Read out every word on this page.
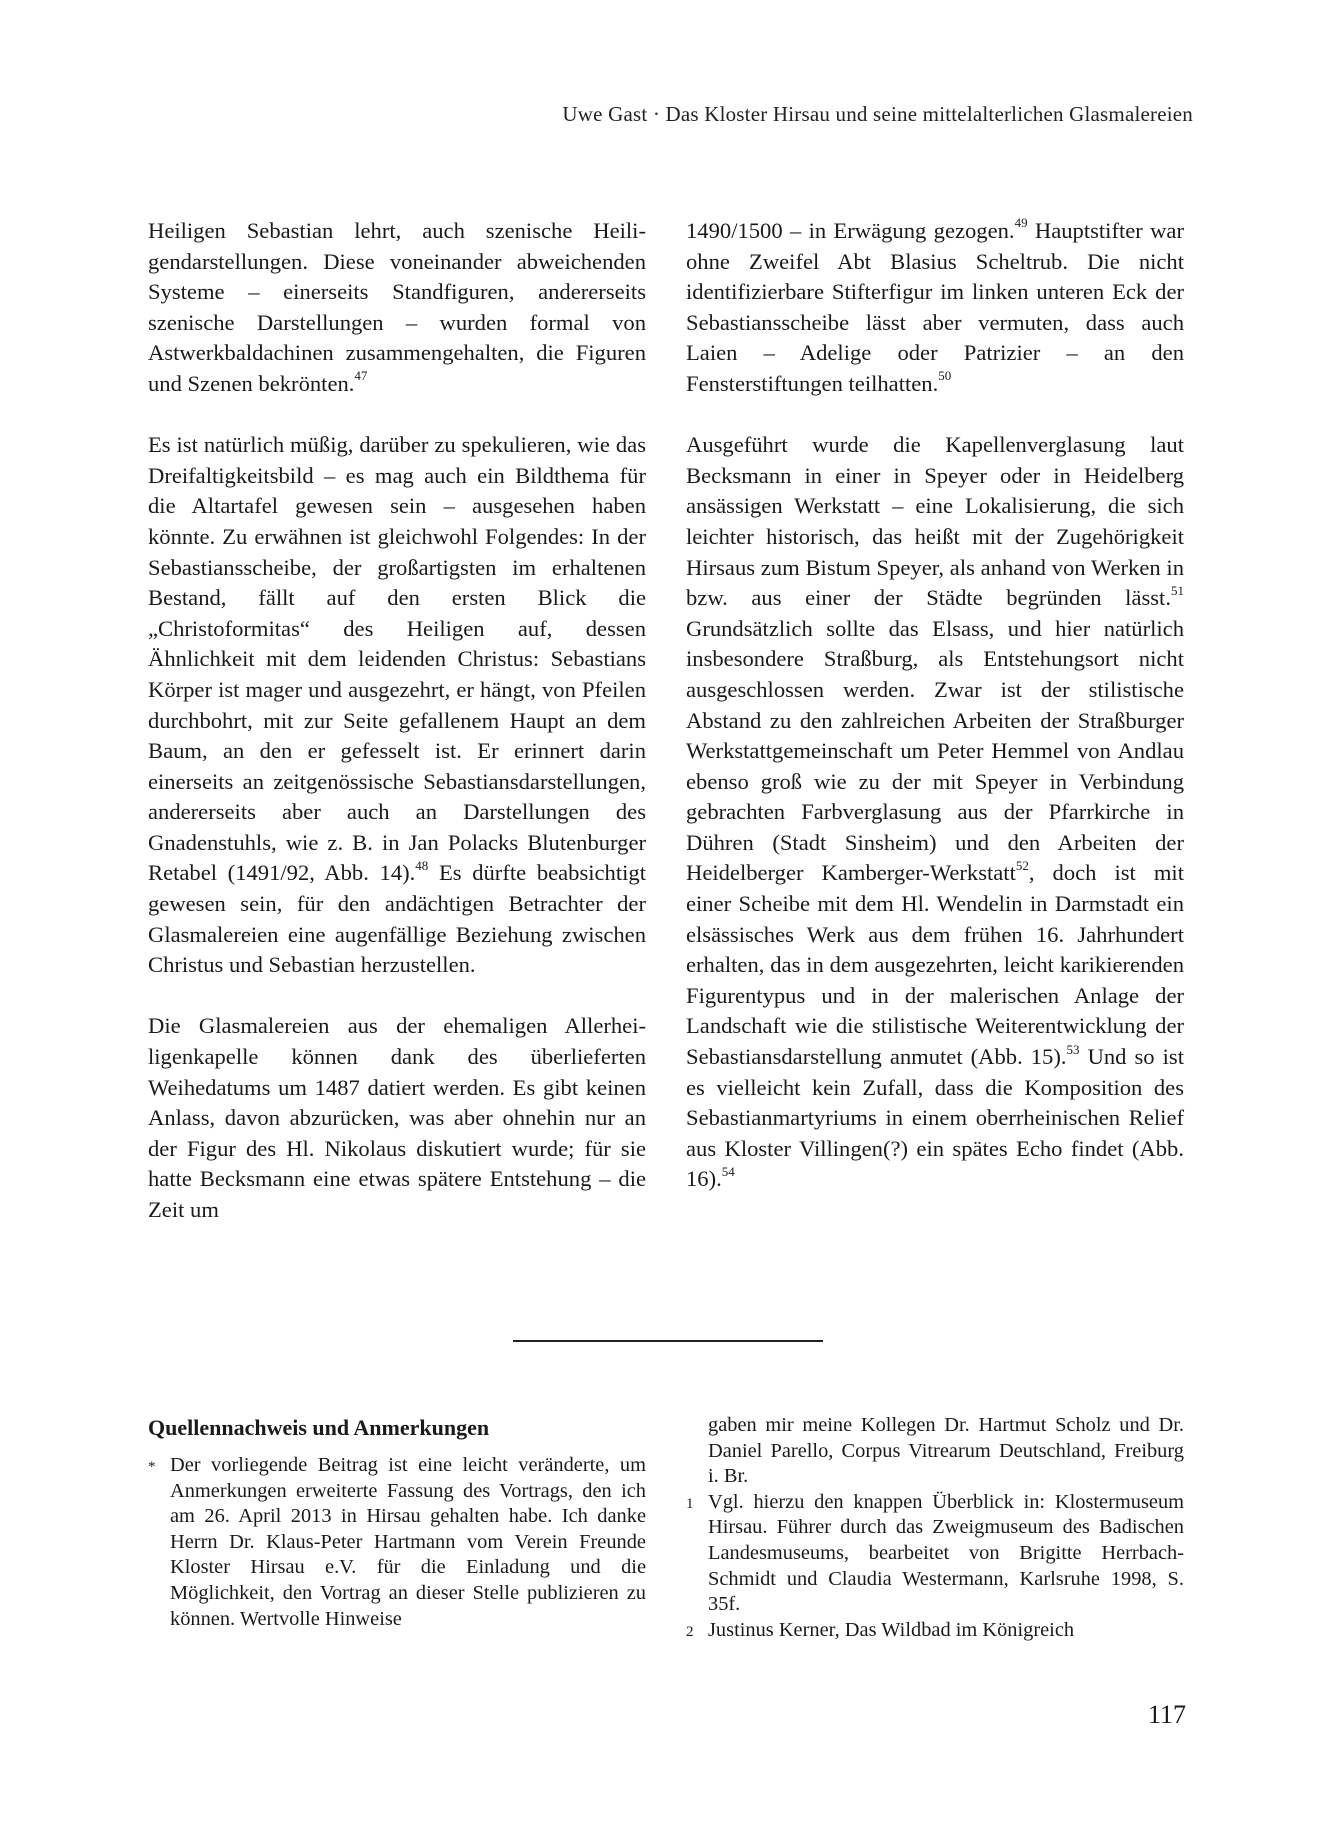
Uwe Gast · Das Kloster Hirsau und seine mittelalterlichen Glasmalereien

Heiligen Sebastian lehrt, auch szenische Heiligendarstellungen. Diese voneinander abweichenden Systeme – einerseits Standfiguren, andererseits szenische Darstellungen – wurden formal von Astwerkbaldachinen zusammengehalten, die Figuren und Szenen bekrönten.$^{47}$

Es ist natürlich müßig, darüber zu spekulieren, wie das Dreifaltigkeitsbild – es mag auch ein Bildthema für die Altartafel gewesen sein – ausgesehen haben könnte. Zu erwähnen ist gleichwohl Folgendes: In der Sebastiansscheibe, der großartigsten im erhaltenen Bestand, fällt auf den ersten Blick die „Christoformitas“ des Heiligen auf, dessen Ähnlichkeit mit dem leidenden Christus: Sebastians Körper ist mager und ausgezehrt, er hängt, von Pfeilen durchbohrt, mit zur Seite gefallenem Haupt an dem Baum, an den er gefesselt ist. Er erinnert darin einerseits an zeitgenössische Sebastiansdarstellungen, andererseits aber auch an Darstellungen des Gnadenstuhls, wie z. B. in Jan Polacks Blutenburger Retabel (1491/92, Abb. 14).$^{48}$ Es dürfte beabsichtigt gewesen sein, für den andächtigen Betrachter der Glasmalereien eine augenfällige Beziehung zwischen Christus und Sebastian herzustellen.

Die Glasmalereien aus der ehemaligen Allerheiligenkapelle können dank des überlieferten Weihedatums um 1487 datiert werden. Es gibt keinen Anlass, davon abzurücken, was aber ohnehin nur an der Figur des Hl. Nikolaus diskutiert wurde; für sie hatte Becksmann eine etwas spätere Entstehung – die Zeit um

1490/1500 – in Erwägung gezogen.$^{49}$ Hauptstifter war ohne Zweifel Abt Blasius Scheltrub. Die nicht identifizierbare Stifterfigur im linken unteren Eck der Sebastiansscheibe lässt aber vermuten, dass auch Laien – Adelige oder Patrizier – an den Fensterstiftungen teilhatten.$^{50}$

Ausgeführt wurde die Kapellenverglasung laut Becksmann in einer in Speyer oder in Heidelberg ansässigen Werkstatt – eine Lokalisierung, die sich leichter historisch, das heißt mit der Zugehörigkeit Hirsaus zum Bistum Speyer, als anhand von Werken in bzw. aus einer der Städte begründen lässt.$^{51}$ Grundsätzlich sollte das Elsass, und hier natürlich insbesondere Straßburg, als Entstehungsort nicht ausgeschlossen werden. Zwar ist der stilistische Abstand zu den zahlreichen Arbeiten der Straßburger Werkstattgemeinschaft um Peter Hemmel von Andlau ebenso groß wie zu der mit Speyer in Verbindung gebrachten Farbverglasung aus der Pfarrkirche in Dühren (Stadt Sinsheim) und den Arbeiten der Heidelberger Kamberger-Werkstatt$^{52}$, doch ist mit einer Scheibe mit dem Hl. Wendelin in Darmstadt ein elsässisches Werk aus dem frühen 16. Jahrhundert erhalten, das in dem ausgezehrten, leicht karikierenden Figurentypus und in der malerischen Anlage der Landschaft wie die stilistische Weiterentwicklung der Sebastiansdarstellung anmutet (Abb. 15).$^{53}$ Und so ist es vielleicht kein Zufall, dass die Komposition des Sebastianmartyriums in einem oberrheinischen Relief aus Kloster Villingen(?) ein spätes Echo findet (Abb. 16).$^{54}$

Quellennachweis und Anmerkungen
* Der vorliegende Beitrag ist eine leicht veränderte, um Anmerkungen erweiterte Fassung des Vortrags, den ich am 26. April 2013 in Hirsau gehalten habe. Ich danke Herrn Dr. Klaus-Peter Hartmann vom Verein Freunde Kloster Hirsau e.V. für die Einladung und die Möglichkeit, den Vortrag an dieser Stelle publizieren zu können. Wertvolle Hinweise

gaben mir meine Kollegen Dr. Hartmut Scholz und Dr. Daniel Parello, Corpus Vitrearum Deutschland, Freiburg i. Br.

1 Vgl. hierzu den knappen Überblick in: Klostermuseum Hirsau. Führer durch das Zweigmuseum des Badischen Landesmuseums, bearbeitet von Brigitte Herrbach-Schmidt und Claudia Westermann, Karlsruhe 1998, S. 35f.
2 Justinus Kerner, Das Wildbad im Königreich
117
